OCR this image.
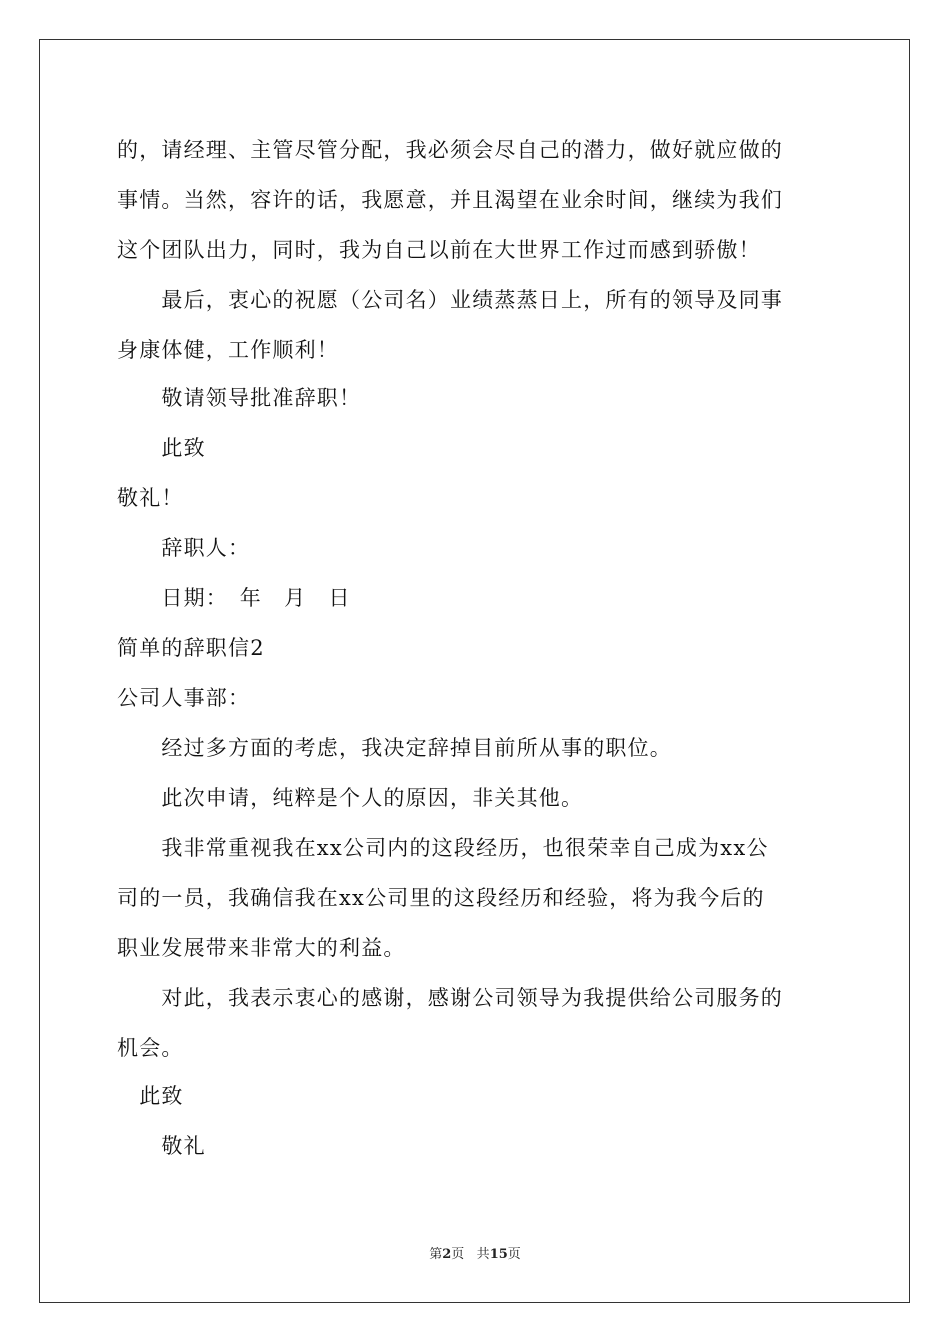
的，请经理、主管尽管分配，我必须会尽自己的潜力，做好就应做的
事情。当然，容许的话，我愿意，并且渴望在业余时间，继续为我们
这个团队出力，同时，我为自己以前在大世界工作过而感到骄傲！
　　最后，衷心的祝愿（公司名）业绩蒸蒸日上，所有的领导及同事
身康体健，工作顺利！
　　敬请领导批准辞职！
　　此致
敬礼！
　　辞职人：
　　日期：　年　月　日
简单的辞职信2
公司人事部：
　　经过多方面的考虑，我决定辞掉目前所从事的职位。
　　此次申请，纯粹是个人的原因，非关其他。
　　我非常重视我在xx公司内的这段经历，也很荣幸自己成为xx公
司的一员，我确信我在xx公司里的这段经历和经验，将为我今后的
职业发展带来非常大的利益。
　　对此，我表示衷心的感谢，感谢公司领导为我提供给公司服务的
机会。
　此致
　　敬礼
第2页 共15页
